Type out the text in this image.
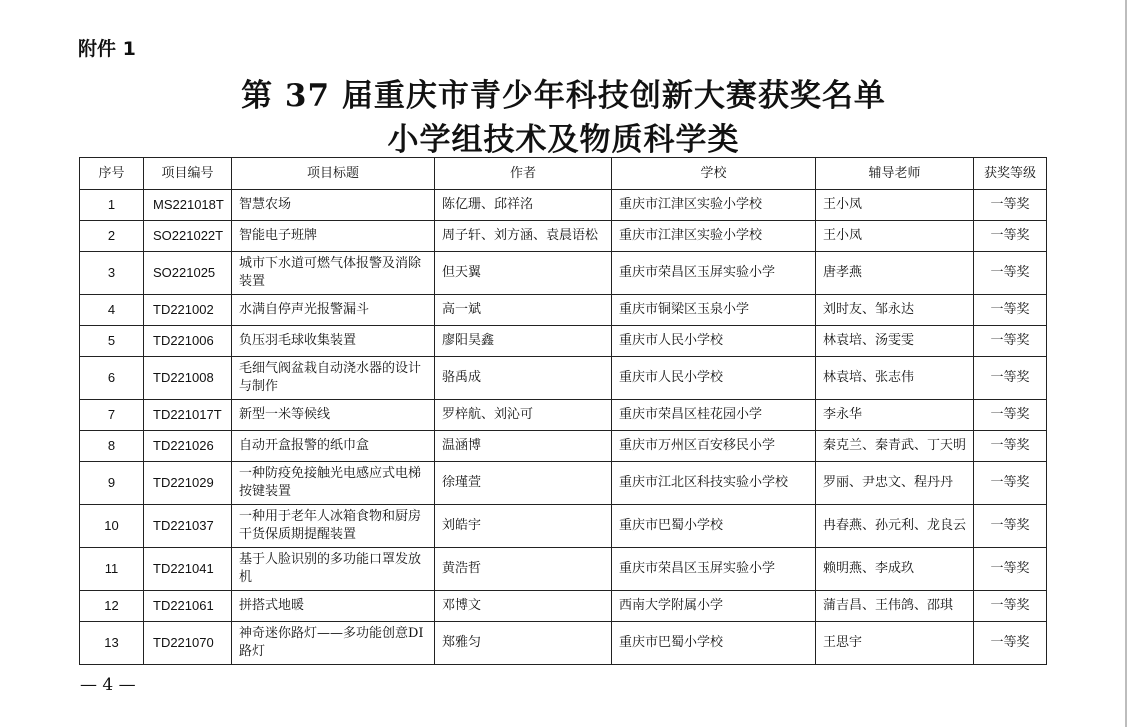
附件 1
第 37 届重庆市青少年科技创新大赛获奖名单
小学组技术及物质科学类
序号	项目编号	项目标题	作者	学校	辅导老师	获奖等级
1	MS221018T	智慧农场	陈亿珊、邱祥洺	重庆市江津区实验小学校	王小凤	一等奖
2	SO221022T	智能电子班牌	周子轩、刘方涵、袁晨语松	重庆市江津区实验小学校	王小凤	一等奖
3	SO221025	城市下水道可燃气体报警及消除装置	但天翼	重庆市荣昌区玉屏实验小学	唐孝燕	一等奖
4	TD221002	水满自停声光报警漏斗	高一斌	重庆市铜梁区玉泉小学	刘时友、邹永达	一等奖
5	TD221006	负压羽毛球收集装置	廖阳昊鑫	重庆市人民小学校	林袁培、汤雯雯	一等奖
6	TD221008	毛细气阀盆栽自动浇水器的设计与制作	骆禹成	重庆市人民小学校	林袁培、张志伟	一等奖
7	TD221017T	新型一米等候线	罗梓航、刘沁可	重庆市荣昌区桂花园小学	李永华	一等奖
8	TD221026	自动开盒报警的纸巾盒	温涵博	重庆市万州区百安移民小学	秦克兰、秦青武、丁天明	一等奖
9	TD221029	一种防疫免接触光电感应式电梯按键装置	徐瑾萱	重庆市江北区科技实验小学校	罗丽、尹忠文、程丹丹	一等奖
10	TD221037	一种用于老年人冰箱食物和厨房干货保质期提醒装置	刘皓宇	重庆市巴蜀小学校	冉春燕、孙元利、龙良云	一等奖
11	TD221041	基于人脸识别的多功能口罩发放机	黄浩哲	重庆市荣昌区玉屏实验小学	赖明燕、李成玖	一等奖
12	TD221061	拼搭式地暖	邓博文	西南大学附属小学	蒲吉昌、王伟鸽、邵琪	一等奖
13	TD221070	神奇迷你路灯——多功能创意DI路灯	郑雅匀	重庆市巴蜀小学校	王思宇	一等奖
— 4 —
